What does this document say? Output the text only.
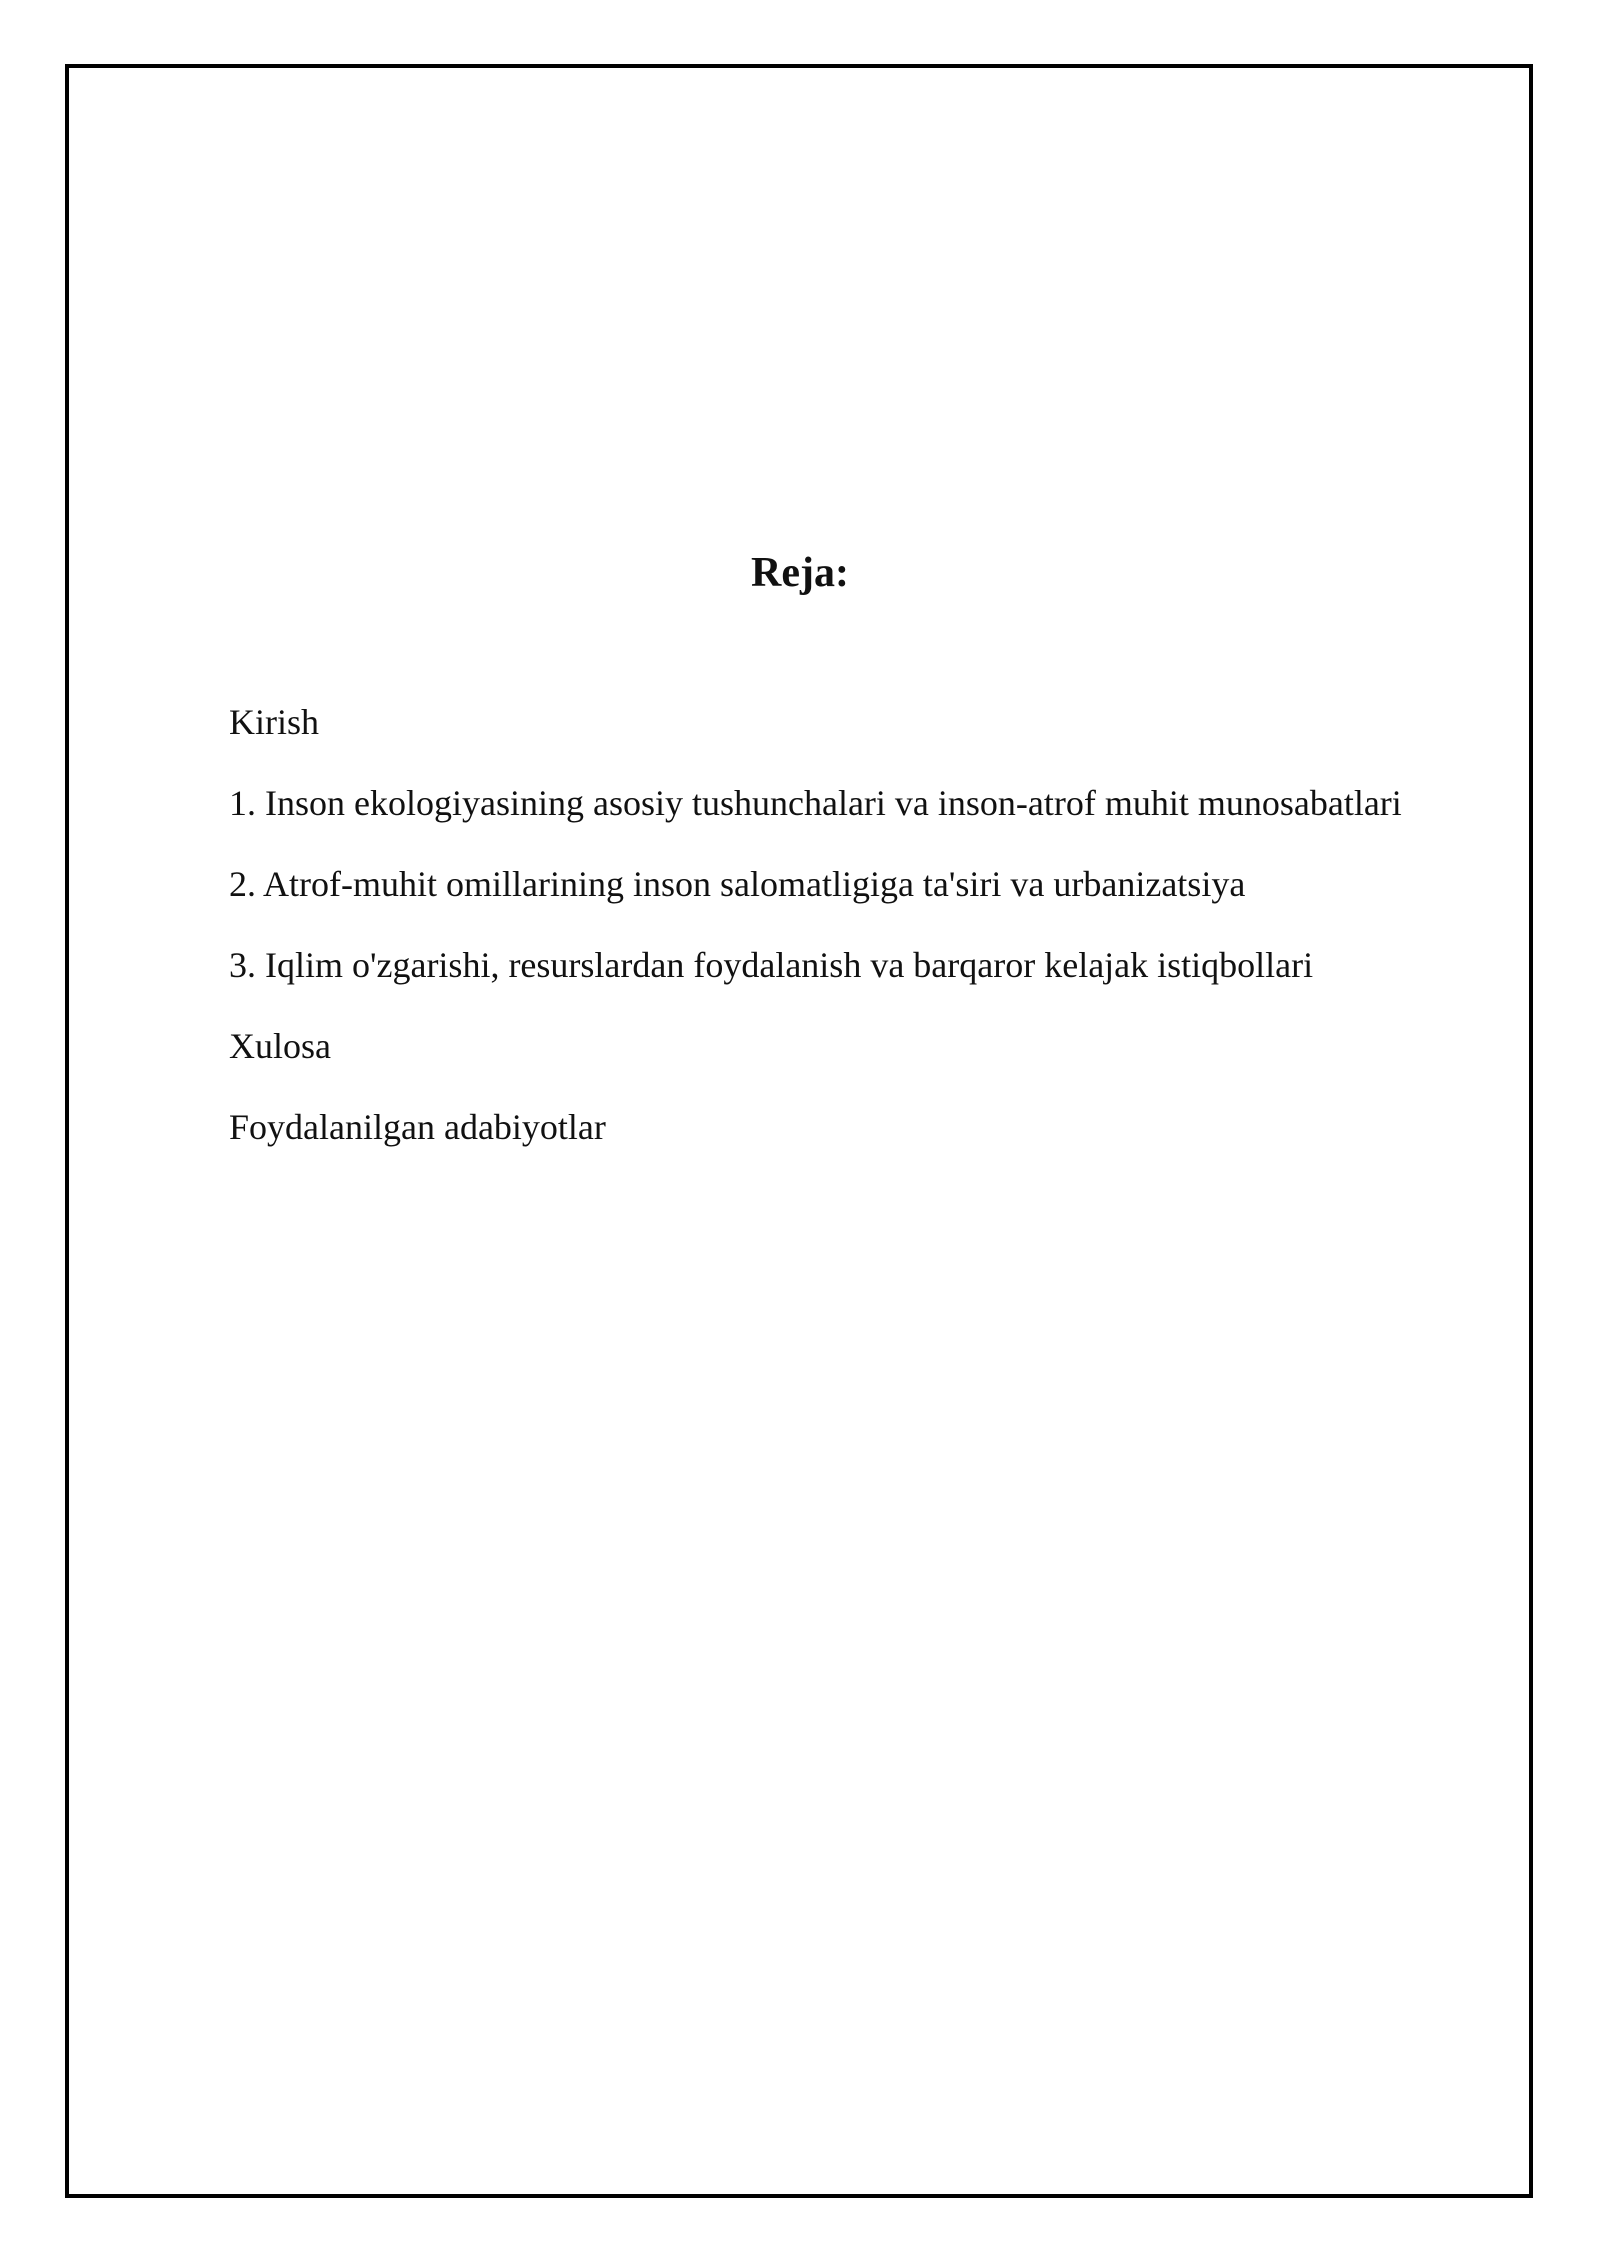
Reja:
Kirish
1. Inson ekologiyasining asosiy tushunchalari va inson-atrof muhit munosabatlari
2. Atrof-muhit omillarining inson salomatligiga ta'siri va urbanizatsiya
3. Iqlim o'zgarishi, resurslardan foydalanish va barqaror kelajak istiqbollari
Xulosa
Foydalanilgan adabiyotlar
